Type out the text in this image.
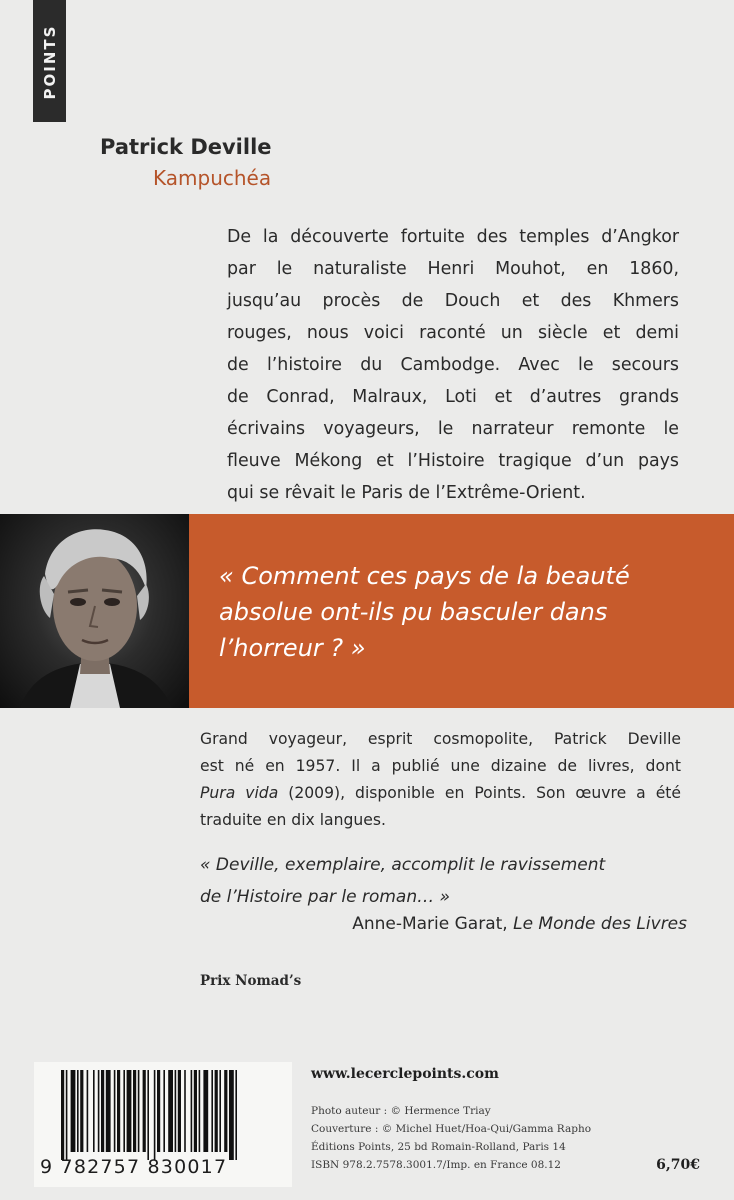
POINTS
Patrick Deville
Kampuchéa
De la découverte fortuite des temples d’Angkor
par le naturaliste Henri Mouhot, en 1860,
jusqu’au procès de Douch et des Khmers
rouges, nous voici raconté un siècle et demi
de l’histoire du Cambodge. Avec le secours
de Conrad, Malraux, Loti et d’autres grands
écrivains voyageurs, le narrateur remonte le
fleuve Mékong et l’Histoire tragique d’un pays
qui se rêvait le Paris de l’Extrême-Orient.
« Comment ces pays de la beauté
absolue ont-ils pu basculer dans
l’horreur ? »
Grand voyageur, esprit cosmopolite, Patrick Deville
est né en 1957. Il a publié une dizaine de livres, dont
Pura vida (2009), disponible en Points. Son œuvre a été
traduite en dix langues.
« Deville, exemplaire, accomplit le ravissement
de l’Histoire par le roman… »
Anne-Marie Garat, Le Monde des Livres
Prix Nomad’s
9 782757 830017
www.lecerclepoints.com
Photo auteur : © Hermence Triay
Couverture : © Michel Huet/Hoa-Qui/Gamma Rapho
Éditions Points, 25 bd Romain-Rolland, Paris 14
ISBN 978.2.7578.3001.7/Imp. en France 08.12	6,70€
